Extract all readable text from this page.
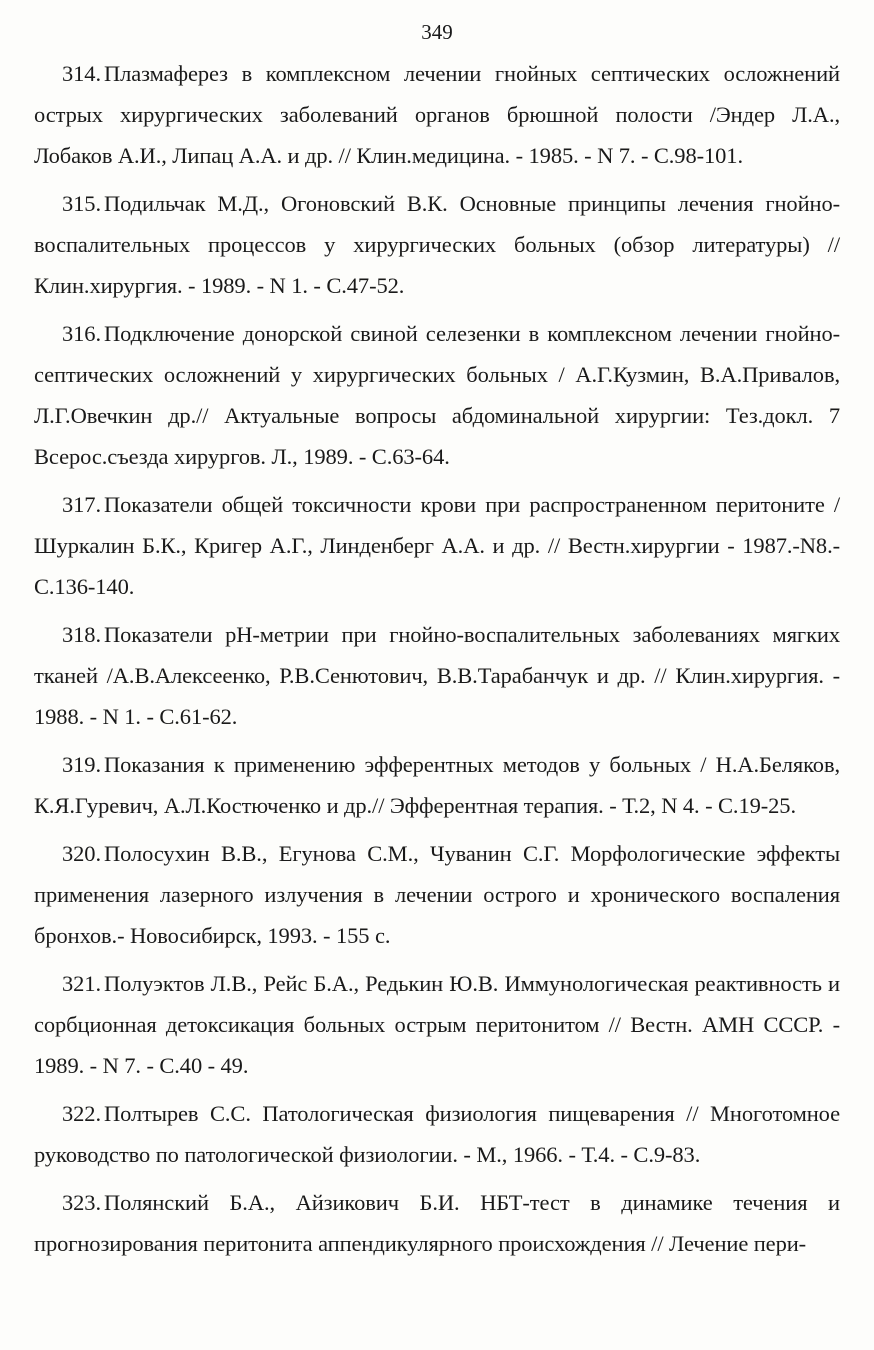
349

314. Плазмаферез в комплексном лечении гнойных септических осложнений острых хирургических заболеваний органов брюшной полости /Эндер Л.А., Лобаков А.И., Липац А.А. и др. // Клин.медицина. - 1985. - N 7. - С.98-101.

315. Подильчак М.Д., Огоновский В.К. Основные принципы лечения гнойно-воспалительных процессов у хирургических больных (обзор литературы) // Клин.хирургия. - 1989. - N 1. - С.47-52.

316. Подключение донорской свиной селезенки в комплексном лечении гнойно-септических осложнений у хирургических больных / А.Г.Кузмин, В.А.Привалов, Л.Г.Овечкин др.// Актуальные вопросы абдоминальной хирургии: Тез.докл. 7 Всерос.съезда хирургов. Л., 1989. - С.63-64.

317. Показатели общей токсичности крови при распространенном перитоните /Шуркалин Б.К., Кригер А.Г., Линденберг А.А. и др. // Вестн.хирургии - 1987.-N8.-С.136-140.

318. Показатели pH-метрии при гнойно-воспалительных заболеваниях мягких тканей /А.В.Алексеенко, Р.В.Сенютович, В.В.Тарабанчук и др. // Клин.хирургия. - 1988. - N 1. - С.61-62.

319. Показания к применению эфферентных методов у больных / Н.А.Беляков, К.Я.Гуревич, А.Л.Костюченко и др.// Эфферентная терапия. - Т.2, N 4. - С.19-25.

320. Полосухин В.В., Егунова С.М., Чуванин С.Г. Морфологические эффекты применения лазерного излучения в лечении острого и хронического воспаления бронхов.- Новосибирск, 1993. - 155 с.

321. Полуэктов Л.В., Рейс Б.А., Редькин Ю.В. Иммунологическая реактивность и сорбционная детоксикация больных острым перитонитом // Вестн. АМН СССР. - 1989. - N 7. - С.40 - 49.

322. Полтырев С.С. Патологическая физиология пищеварения // Многотомное руководство по патологической физиологии. - М., 1966. - Т.4. - С.9-83.

323. Полянский Б.А., Айзикович Б.И. НБТ-тест в динамике течения и прогнозирования перитонита аппендикулярного происхождения // Лечение пери-
